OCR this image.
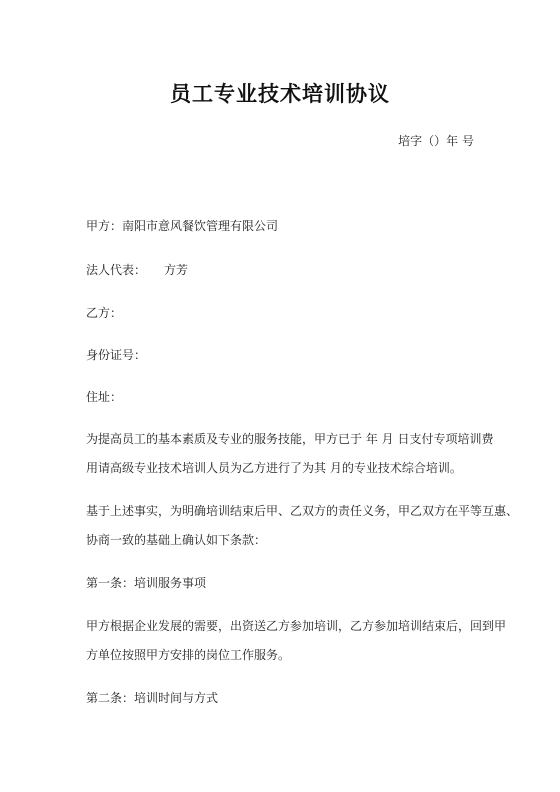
员工专业技术培训协议
培字（）年 号
甲方：南阳市意风餐饮管理有限公司
法人代表： 方芳
乙方：
身份证号：
住址：
为提高员工的基本素质及专业的服务技能，甲方已于 年 月 日支付专项培训费
用请高级专业技术培训人员为乙方进行了为其 月的专业技术综合培训。
基于上述事实，为明确培训结束后甲、乙双方的责任义务，甲乙双方在平等互惠、
协商一致的基础上确认如下条款：
第一条：培训服务事项
甲方根据企业发展的需要，出资送乙方参加培训，乙方参加培训结束后，回到甲
方单位按照甲方安排的岗位工作服务。
第二条：培训时间与方式
